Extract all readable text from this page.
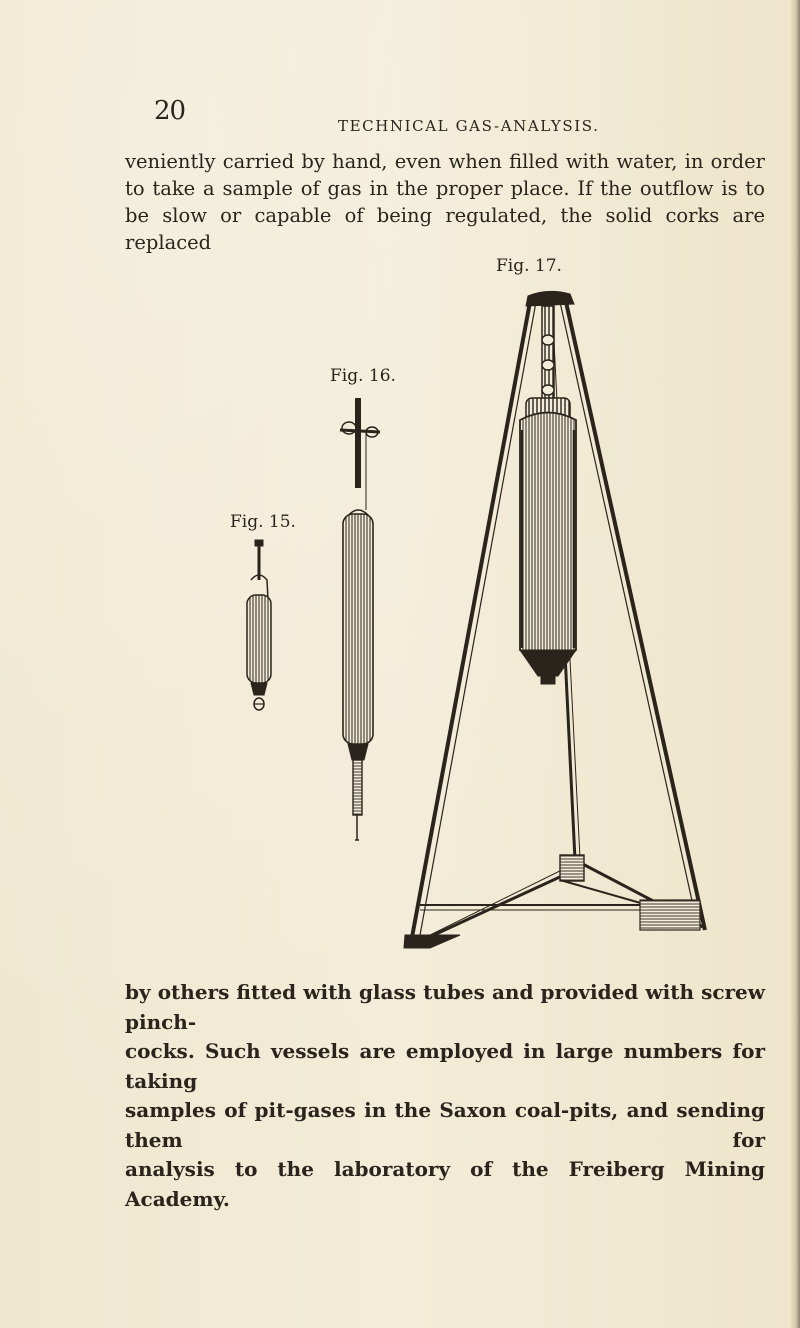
20	TECHNICAL GAS-ANALYSIS.

veniently carried by hand, even when filled with water, in order
to take a sample of gas in the proper place. If the outflow is to
be slow or capable of being regulated, the solid corks are replaced

Fig. 17.
Fig. 16.
Fig. 15.

by others fitted with glass tubes and provided with screw pinch-
cocks. Such vessels are employed in large numbers for taking
samples of pit-gases in the Saxon coal-pits, and sending them for
analysis to the laboratory of the Freiberg Mining Academy.
